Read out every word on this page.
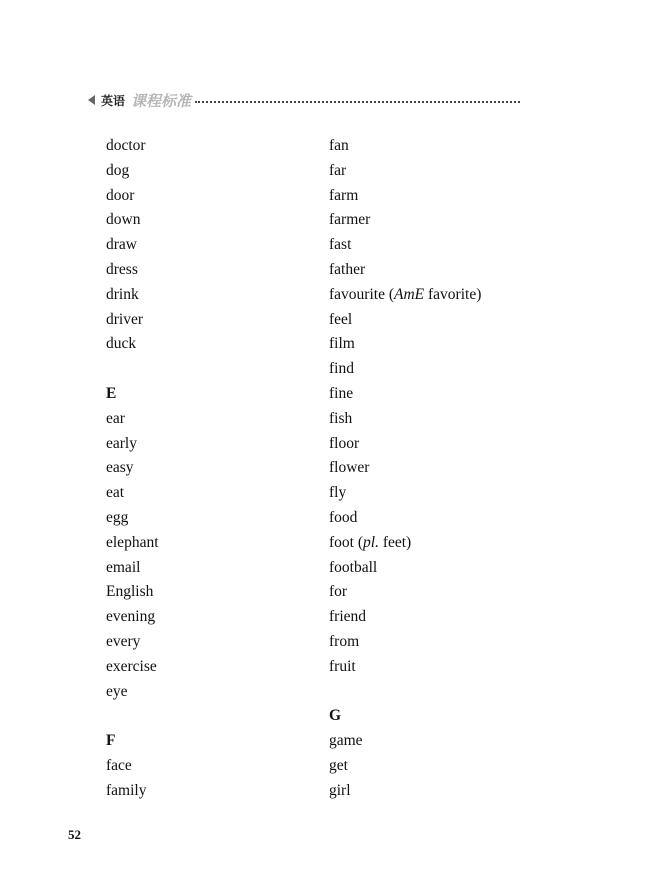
英语 课程标准
doctor
dog
door
down
draw
dress
drink
driver
duck
E
ear
early
easy
eat
egg
elephant
email
English
evening
every
exercise
eye
F
face
family
fan
far
farm
farmer
fast
father
favourite (AmE favorite)
feel
film
find
fine
fish
floor
flower
fly
food
foot (pl. feet)
football
for
friend
from
fruit
G
game
get
girl
52
